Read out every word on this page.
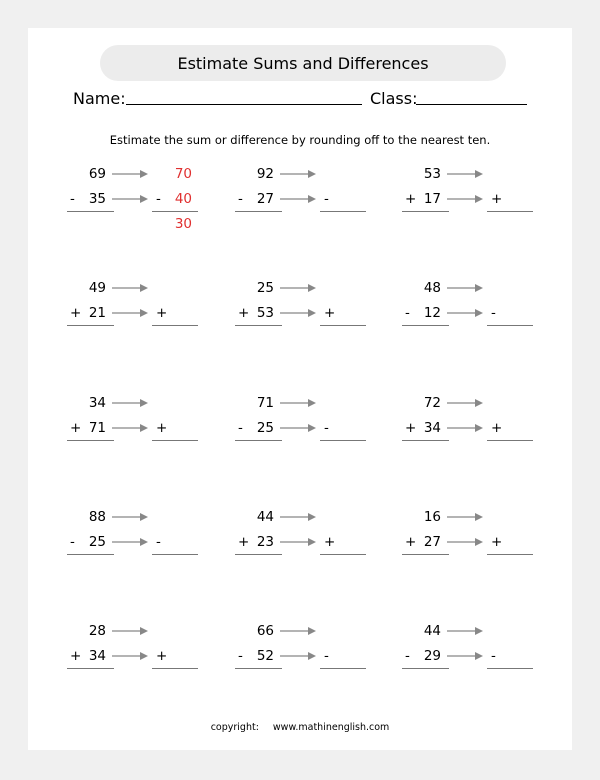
Estimate Sums and Differences
Name:	Class:
Estimate the sum or difference by rounding off to the nearest ten.
69
-	35	-
70
40
30
92
-	27	-
53
+ 17	+
49
+ 21	+
25
+ 53	+
48
-	12	-
34
+ 71	+
71
-	25	-
72
+ 34	+
88
-	25	-
44
+ 23	+
16
+ 27	+
28
+ 34	+
66
-	52	-
44
-	29	-
copyright: www.mathinenglish.com
